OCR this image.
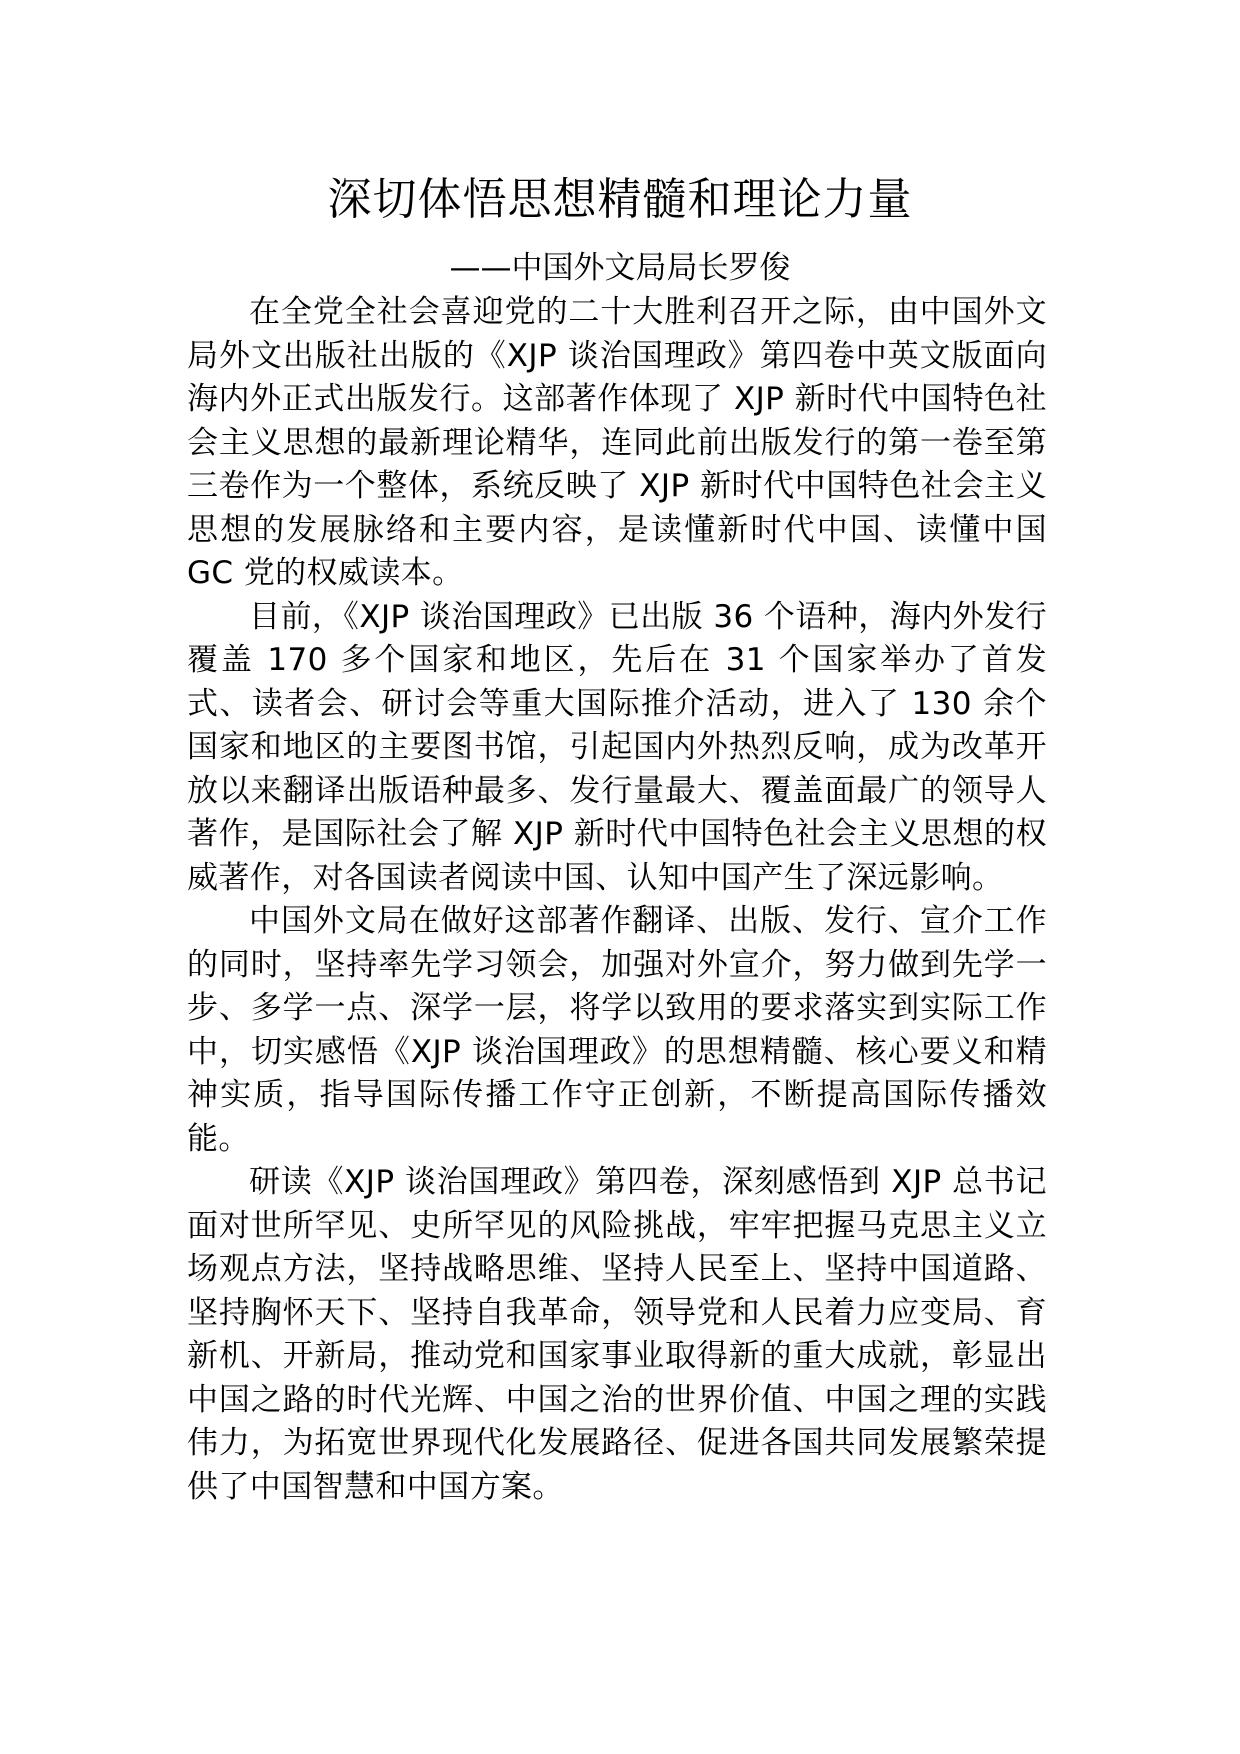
深切体悟思想精髓和理论力量
——中国外文局局长罗俊

在全党全社会喜迎党的二十大胜利召开之际，由中国外文局外文出版社出版的《XJP 谈治国理政》第四卷中英文版面向海内外正式出版发行。这部著作体现了 XJP 新时代中国特色社会主义思想的最新理论精华，连同此前出版发行的第一卷至第三卷作为一个整体，系统反映了 XJP 新时代中国特色社会主义思想的发展脉络和主要内容，是读懂新时代中国、读懂中国 GC 党的权威读本。

目前，《XJP 谈治国理政》已出版 36 个语种，海内外发行覆盖 170 多个国家和地区，先后在 31 个国家举办了首发式、读者会、研讨会等重大国际推介活动，进入了 130 余个国家和地区的主要图书馆，引起国内外热烈反响，成为改革开放以来翻译出版语种最多、发行量最大、覆盖面最广的领导人著作，是国际社会了解 XJP 新时代中国特色社会主义思想的权威著作，对各国读者阅读中国、认知中国产生了深远影响。

中国外文局在做好这部著作翻译、出版、发行、宣介工作的同时，坚持率先学习领会，加强对外宣介，努力做到先学一步、多学一点、深学一层，将学以致用的要求落实到实际工作中，切实感悟《XJP 谈治国理政》的思想精髓、核心要义和精神实质，指导国际传播工作守正创新，不断提高国际传播效能。

研读《XJP 谈治国理政》第四卷，深刻感悟到 XJP 总书记面对世所罕见、史所罕见的风险挑战，牢牢把握马克思主义立场观点方法，坚持战略思维、坚持人民至上、坚持中国道路、坚持胸怀天下、坚持自我革命，领导党和人民着力应变局、育新机、开新局，推动党和国家事业取得新的重大成就，彰显出中国之路的时代光辉、中国之治的世界价值、中国之理的实践伟力，为拓宽世界现代化发展路径、促进各国共同发展繁荣提供了中国智慧和中国方案。
